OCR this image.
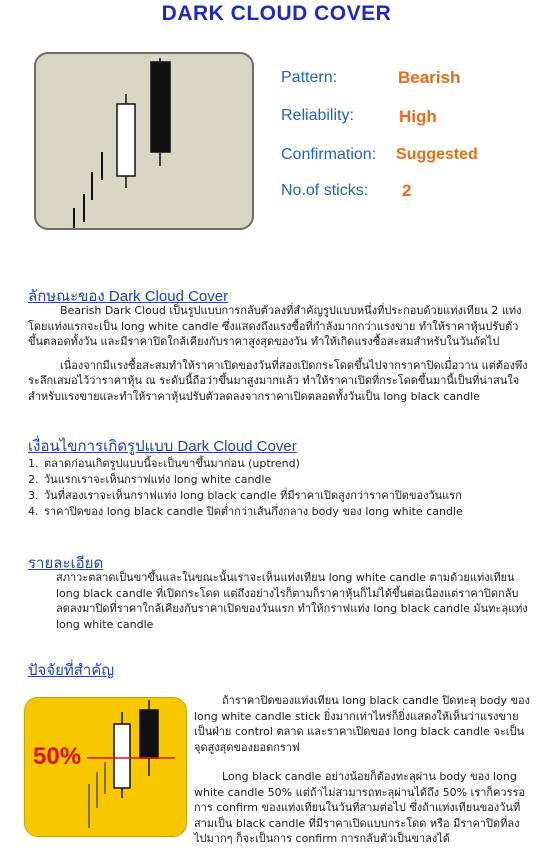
DARK CLOUD COVER
Pattern:	Bearish
Reliability:	High
Confirmation: Suggested
No.of sticks: 2
ลักษณะของ Dark Cloud Cover

Bearish Dark Cloud เป็นรูปแบบการกลับตัวลงที่สำคัญรูปแบบหนึ่งที่ประกอบด้วยแท่งเทียน 2 แท่ง โดยแท่งแรกจะเป็น long white candle ซึ่งแสดงถึงแรงซื้อที่กำลังมากกว่าแรงขาย ทำให้ราคาหุ้นปรับตัวขึ้นตลอดทั้งวัน และมีราคาปิดใกล้เคียงกับราคาสูงสุดของวัน ทำให้เกิดแรงซื้อสะสมสำหรับในวันถัดไป

เนื่องจากมีแรงซื้อสะสมทำให้ราคาเปิดของวันที่สองเปิดกระโดดขึ้นไปจากราคาปิดเมื่อวาน แต่ต้องพึงระลึกเสมอไว้ว่าราคาหุ้น ณ ระดับนี้ถือว่าขึ้นมาสูงมากแล้ว ทำให้ราคาเปิดที่กระโดดขึ้นมานี้เป็นที่น่าสนใจสำหรับแรงขายและทำให้ราคาหุ้นปรับตัวลดลงจากราคาเปิดตลอดทั้งวันเป็น long black candle

เงื่อนไขการเกิดรูปแบบ Dark Cloud Cover
1. ตลาดก่อนเกิดรูปแบบนี้จะเป็นขาขึ้นมาก่อน (uptrend)
2. วันแรกเราจะเห็นกราฟแท่ง long white candle
3. วันที่สองเราจะเห็นกราฟแท่ง long black candle ที่มีราคาเปิดสูงกว่าราคาปิดของวันแรก
4. ราคาปิดของ long black candle ปิดต่ำกว่าเส้นกึ่งกลาง body ของ long white candle
รายละเอียด
สภาวะตลาดเป็นขาขึ้นและในขณะนั้นเราจะเห็นแท่งเทียน long white candle ตามด้วยแท่งเทียน long black candle ที่เปิดกระโดด แต่ถึงอย่างไรก็ตามก็ราคาหุ้นก็ไม่ได้ขึ้นต่อเนื่องแต่ราคาปิดกลับลดลงมาปิดที่ราคาใกล้เคียงกับราคาเปิดของวันแรก ทำให้กราฟแท่ง long black candle มันทะลุแท่ง long white candle
ปัจจัยที่สำคัญ
50%

ถ้าราคาปิดของแท่งเทียน long black candle ปิดทะลุ body ของ long white candle stick ยิ่งมากเท่าไหร่ก็ยิ่งแสดงให้เห็นว่าแรงขายเป็นฝ่าย control ตลาด และราคาเปิดของ long black candle จะเป็นจุดสูงสุดของยอดกราฟ

Long black candle อย่างน้อยก็ต้องทะลุผ่าน body ของ long white candle 50% แต่ถ้าไม่สามารถทะลุผ่านได้ถึง 50% เราก็ควรรอการ confirm ของแท่งเทียนในวันที่สามต่อไป ซึ่งถ้าแท่งเทียนของวันที่สามเป็น black candle ที่มีราคาเปิดแบบกระโดด หรือ มีราคาปิดที่ลงไปมากๆ ก็จะเป็นการ confirm การกลับตัวเป็นขาลงได้
